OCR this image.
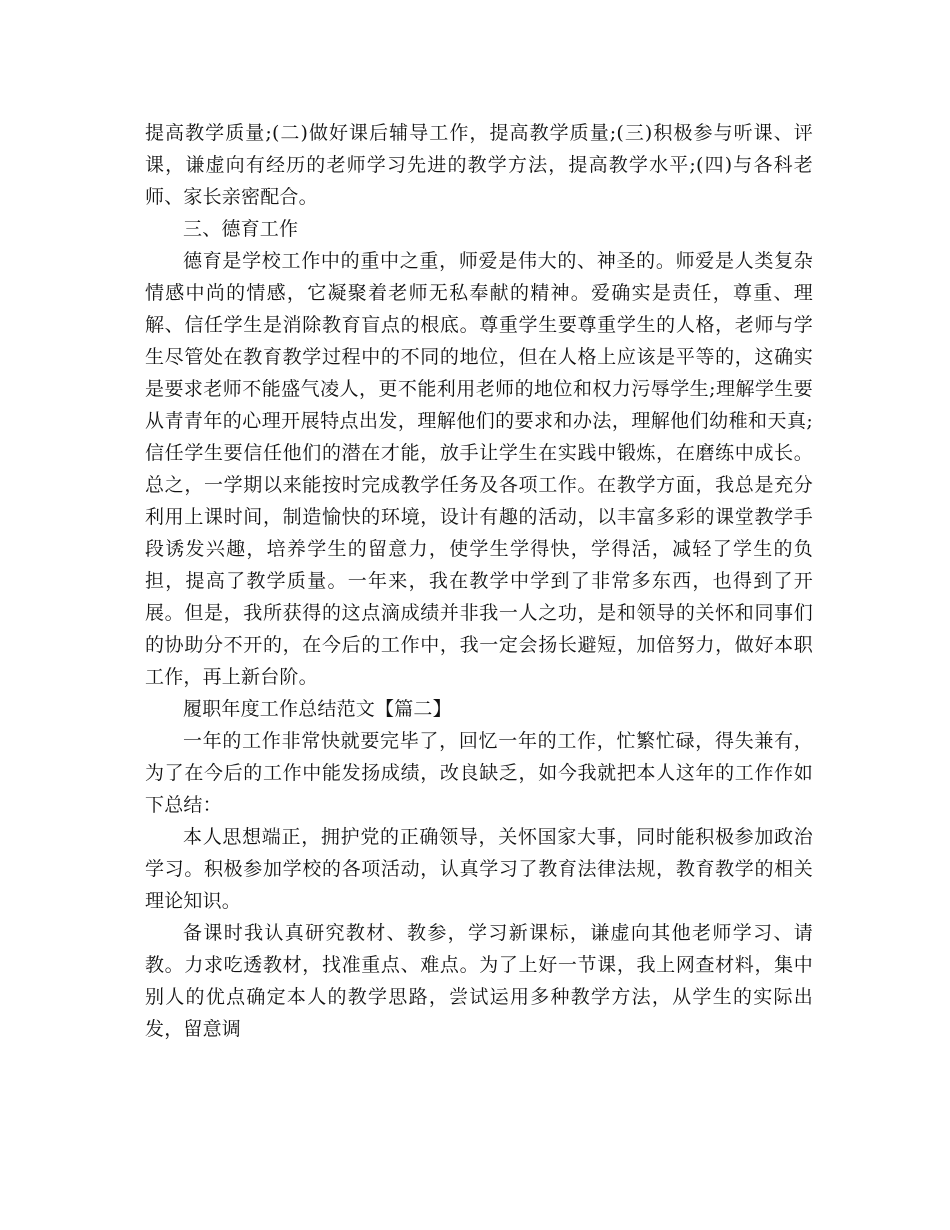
提高教学质量;(二)做好课后辅导工作，提高教学质量;(三)积极参与听课、评课，谦虚向有经历的老师学习先进的教学方法，提高教学水平;(四)与各科老师、家长亲密配合。

三、德育工作

德育是学校工作中的重中之重，师爱是伟大的、神圣的。师爱是人类复杂情感中尚的情感，它凝聚着老师无私奉献的精神。爱确实是责任，尊重、理解、信任学生是消除教育盲点的根底。尊重学生要尊重学生的人格，老师与学生尽管处在教育教学过程中的不同的地位，但在人格上应该是平等的，这确实是要求老师不能盛气凌人，更不能利用老师的地位和权力污辱学生;理解学生要从青青年的心理开展特点出发，理解他们的要求和办法，理解他们幼稚和天真;信任学生要信任他们的潜在才能，放手让学生在实践中锻炼，在磨练中成长。总之，一学期以来能按时完成教学任务及各项工作。在教学方面，我总是充分利用上课时间，制造愉快的环境，设计有趣的活动，以丰富多彩的课堂教学手段诱发兴趣，培养学生的留意力，使学生学得快，学得活，减轻了学生的负担，提高了教学质量。一年来，我在教学中学到了非常多东西，也得到了开展。但是，我所获得的这点滴成绩并非我一人之功，是和领导的关怀和同事们的协助分不开的，在今后的工作中，我一定会扬长避短，加倍努力，做好本职工作，再上新台阶。

履职年度工作总结范文【篇二】

一年的工作非常快就要完毕了，回忆一年的工作，忙繁忙碌，得失兼有，为了在今后的工作中能发扬成绩，改良缺乏，如今我就把本人这年的工作作如下总结：

本人思想端正，拥护党的正确领导，关怀国家大事，同时能积极参加政治学习。积极参加学校的各项活动，认真学习了教育法律法规，教育教学的相关理论知识。

备课时我认真研究教材、教参，学习新课标，谦虚向其他老师学习、请教。力求吃透教材，找准重点、难点。为了上好一节课，我上网查材料，集中别人的优点确定本人的教学思路，尝试运用多种教学方法，从学生的实际出发，留意调
